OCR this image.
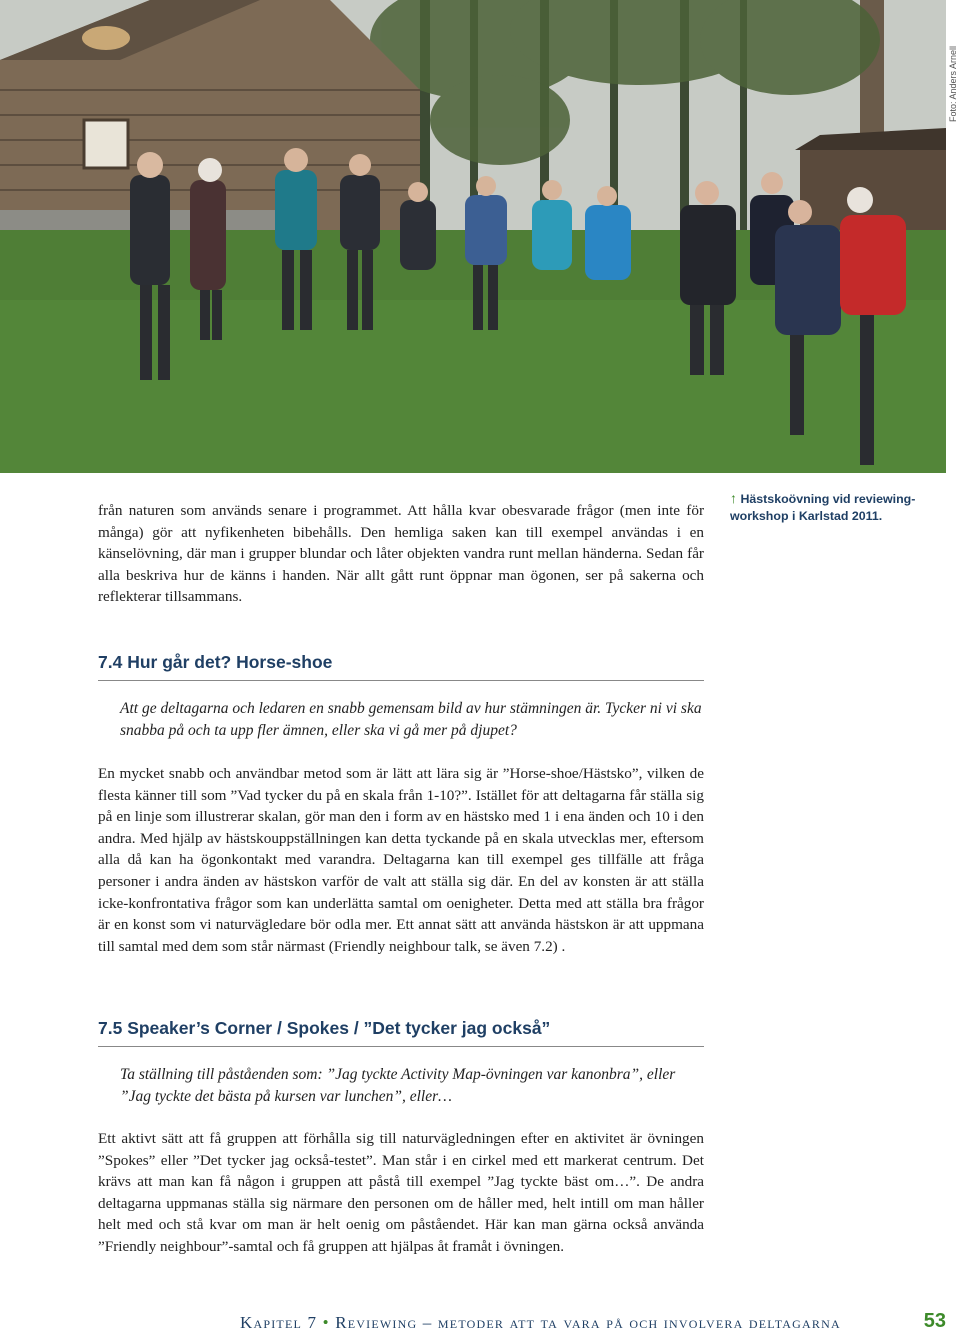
Foto: Anders Arnell

från naturen som används senare i programmet. Att hålla kvar obesvarade frågor (men inte för många) gör att nyfikenheten bibehålls. Den hemliga saken kan till exempel användas i en känselövning, där man i grupper blundar och låter objekten vandra runt mellan händerna. Sedan får alla beskriva hur de känns i handen. När allt gått runt öppnar man ögonen, ser på sakerna och reflekterar tillsammans.

↑ Hästskoövning vid reviewing-workshop i Karlstad 2011.
7.4 Hur går det? Horse-shoe

Att ge deltagarna och ledaren en snabb gemensam bild av hur stämningen är. Tycker ni vi ska snabba på och ta upp fler ämnen, eller ska vi gå mer på djupet?

En mycket snabb och användbar metod som är lätt att lära sig är ”Horse-shoe/Hästsko”, vilken de flesta känner till som ”Vad tycker du på en skala från 1-10?”. Istället för att deltagarna får ställa sig på en linje som illustrerar skalan, gör man den i form av en hästsko med 1 i ena änden och 10 i den andra. Med hjälp av hästskouppställningen kan detta tyckande på en skala utvecklas mer, eftersom alla då kan ha ögonkontakt med varandra. Deltagarna kan till exempel ges tillfälle att fråga personer i andra änden av hästskon varför de valt att ställa sig där. En del av konsten är att ställa icke-konfrontativa frågor som kan underlätta samtal om oenigheter. Detta med att ställa bra frågor är en konst som vi naturvägledare bör odla mer. Ett annat sätt att använda hästskon är att uppmana till samtal med dem som står närmast (Friendly neighbour talk, se även 7.2) .

7.5 Speaker’s Corner / Spokes / ”Det tycker jag också”

Ta ställning till påståenden som: ”Jag tyckte Activity Map-övningen var kanonbra”, eller ”Jag tyckte det bästa på kursen var lunchen”, eller…

Ett aktivt sätt att få gruppen att förhålla sig till naturvägledningen efter en aktivitet är övningen ”Spokes” eller ”Det tycker jag också-testet”. Man står i en cirkel med ett markerat centrum. Det krävs att man kan få någon i gruppen att påstå till exempel ”Jag tyckte bäst om…”. De andra deltagarna uppmanas ställa sig närmare den personen om de håller med, helt intill om man håller helt med och stå kvar om man är helt oenig om påståendet. Här kan man gärna också använda ”Friendly neighbour”-samtal och få gruppen att hjälpas åt framåt i övningen.

Kapitel 7 • Reviewing – metoder att ta vara på och involvera deltagarna	53
